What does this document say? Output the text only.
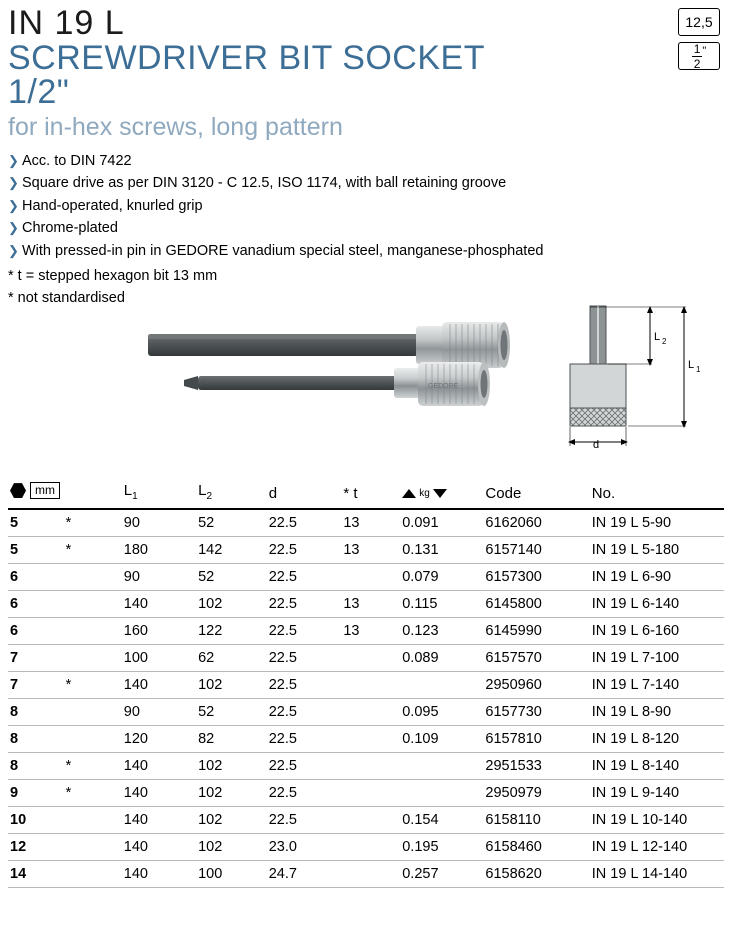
12,5
$\frac{1}{2}$ "
IN 19 L
SCREWDRIVER BIT SOCKET
1/2"
for in-hex screws, long pattern
❯ Acc. to DIN 7422
❯ Square drive as per DIN 3120 - C 12.5, ISO 1174, with ball retaining groove
❯ Hand-operated, knurled grip
❯ Chrome-plated
❯ With pressed-in pin in GEDORE vanadium special steel, manganese-phosphated
* t = stepped hexagon bit 13 mm
* not standardised
GEDORE
L 2
L 1
d
mm		$L_1$	$L_2$	d	* t	kg	Code	No.
5	*	90	52	22.5	13	0.091	6162060	IN 19 L 5-90
5	*	180	142	22.5	13	0.131	6157140	IN 19 L 5-180
6		90	52	22.5		0.079	6157300	IN 19 L 6-90
6		140	102	22.5	13	0.115	6145800	IN 19 L 6-140
6		160	122	22.5	13	0.123	6145990	IN 19 L 6-160
7		100	62	22.5		0.089	6157570	IN 19 L 7-100
7	*	140	102	22.5			2950960	IN 19 L 7-140
8		90	52	22.5		0.095	6157730	IN 19 L 8-90
8		120	82	22.5		0.109	6157810	IN 19 L 8-120
8	*	140	102	22.5			2951533	IN 19 L 8-140
9	*	140	102	22.5			2950979	IN 19 L 9-140
10		140	102	22.5		0.154	6158110	IN 19 L 10-140
12		140	102	23.0		0.195	6158460	IN 19 L 12-140
14		140	100	24.7		0.257	6158620	IN 19 L 14-140
